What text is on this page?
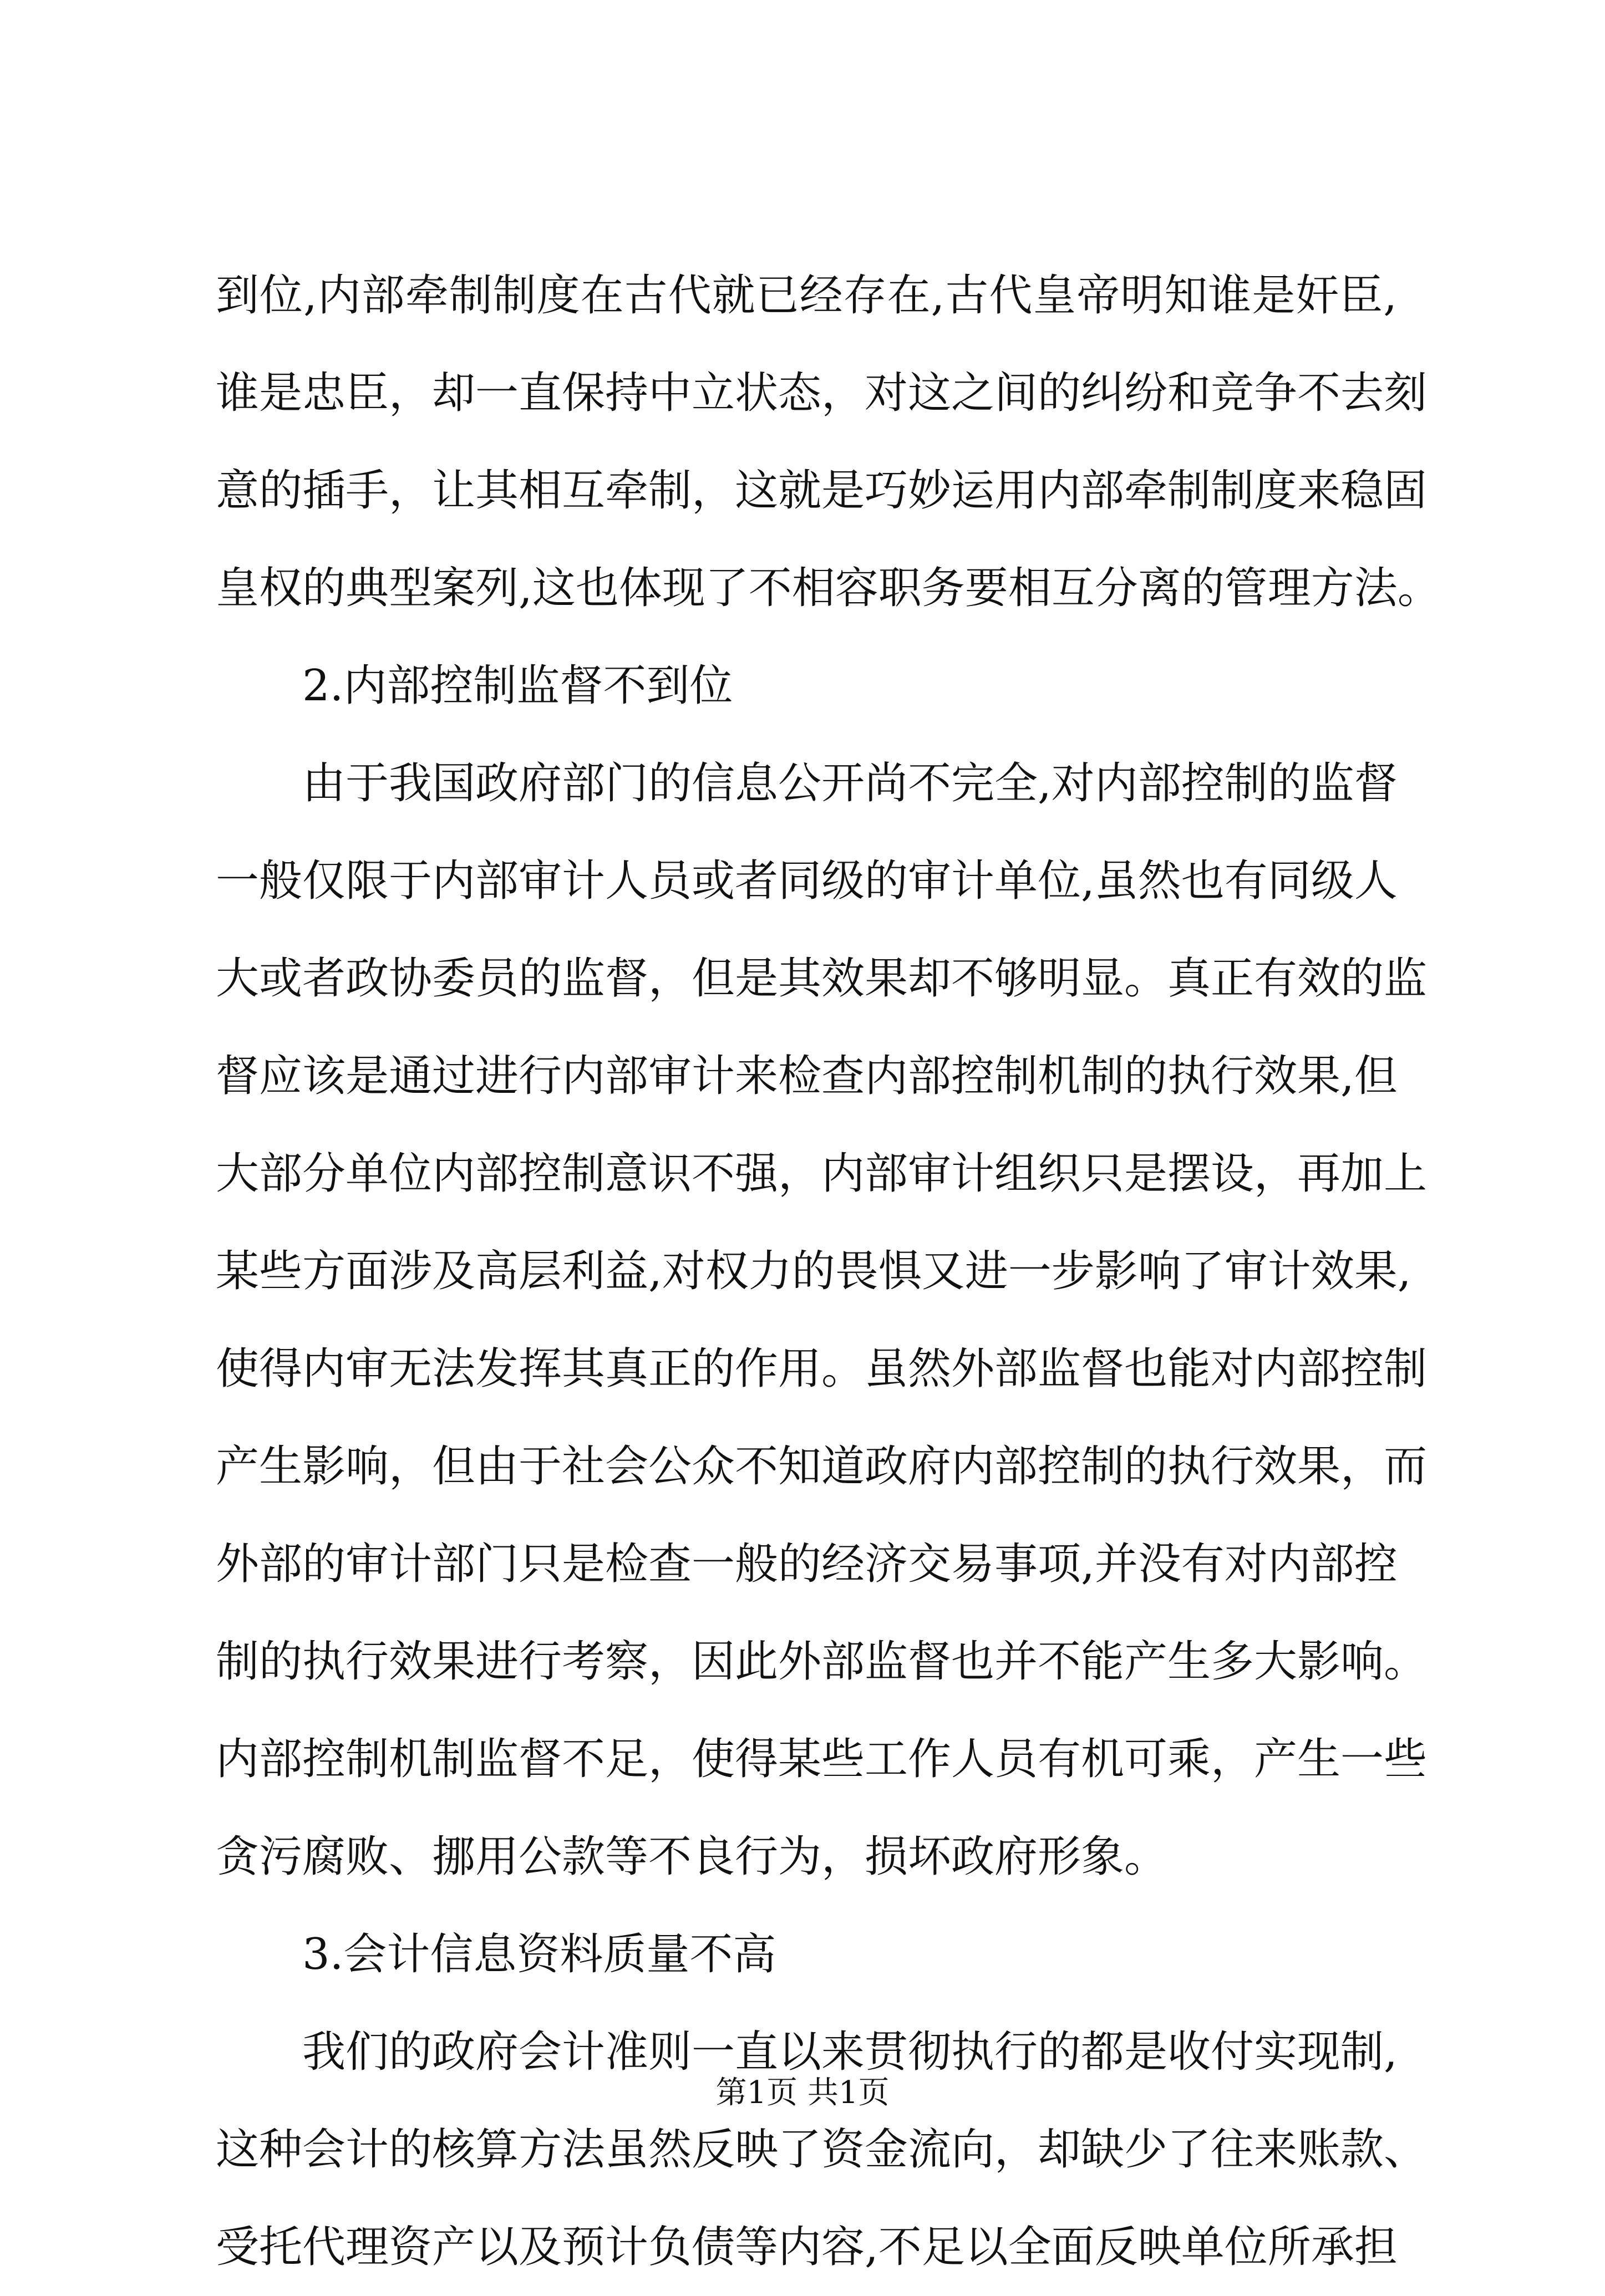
到位,内部牵制制度在古代就已经存在,古代皇帝明知谁是奸臣,
谁是忠臣，却一直保持中立状态，对这之间的纠纷和竞争不去刻
意的插手，让其相互牵制，这就是巧妙运用内部牵制制度来稳固
皇权的典型案列,这也体现了不相容职务要相互分离的管理方法。
2.内部控制监督不到位
由于我国政府部门的信息公开尚不完全,对内部控制的监督
一般仅限于内部审计人员或者同级的审计单位,虽然也有同级人
大或者政协委员的监督，但是其效果却不够明显。真正有效的监
督应该是通过进行内部审计来检查内部控制机制的执行效果,但
大部分单位内部控制意识不强，内部审计组织只是摆设，再加上
某些方面涉及高层利益,对权力的畏惧又进一步影响了审计效果,
使得内审无法发挥其真正的作用。虽然外部监督也能对内部控制
产生影响，但由于社会公众不知道政府内部控制的执行效果，而
外部的审计部门只是检查一般的经济交易事项,并没有对内部控
制的执行效果进行考察，因此外部监督也并不能产生多大影响。
内部控制机制监督不足，使得某些工作人员有机可乘，产生一些
贪污腐败、挪用公款等不良行为，损坏政府形象。
3.会计信息资料质量不高
我们的政府会计准则一直以来贯彻执行的都是收付实现制,
这种会计的核算方法虽然反映了资金流向，却缺少了往来账款、
受托代理资产以及预计负债等内容,不足以全面反映单位所承担
第1页 共1页
